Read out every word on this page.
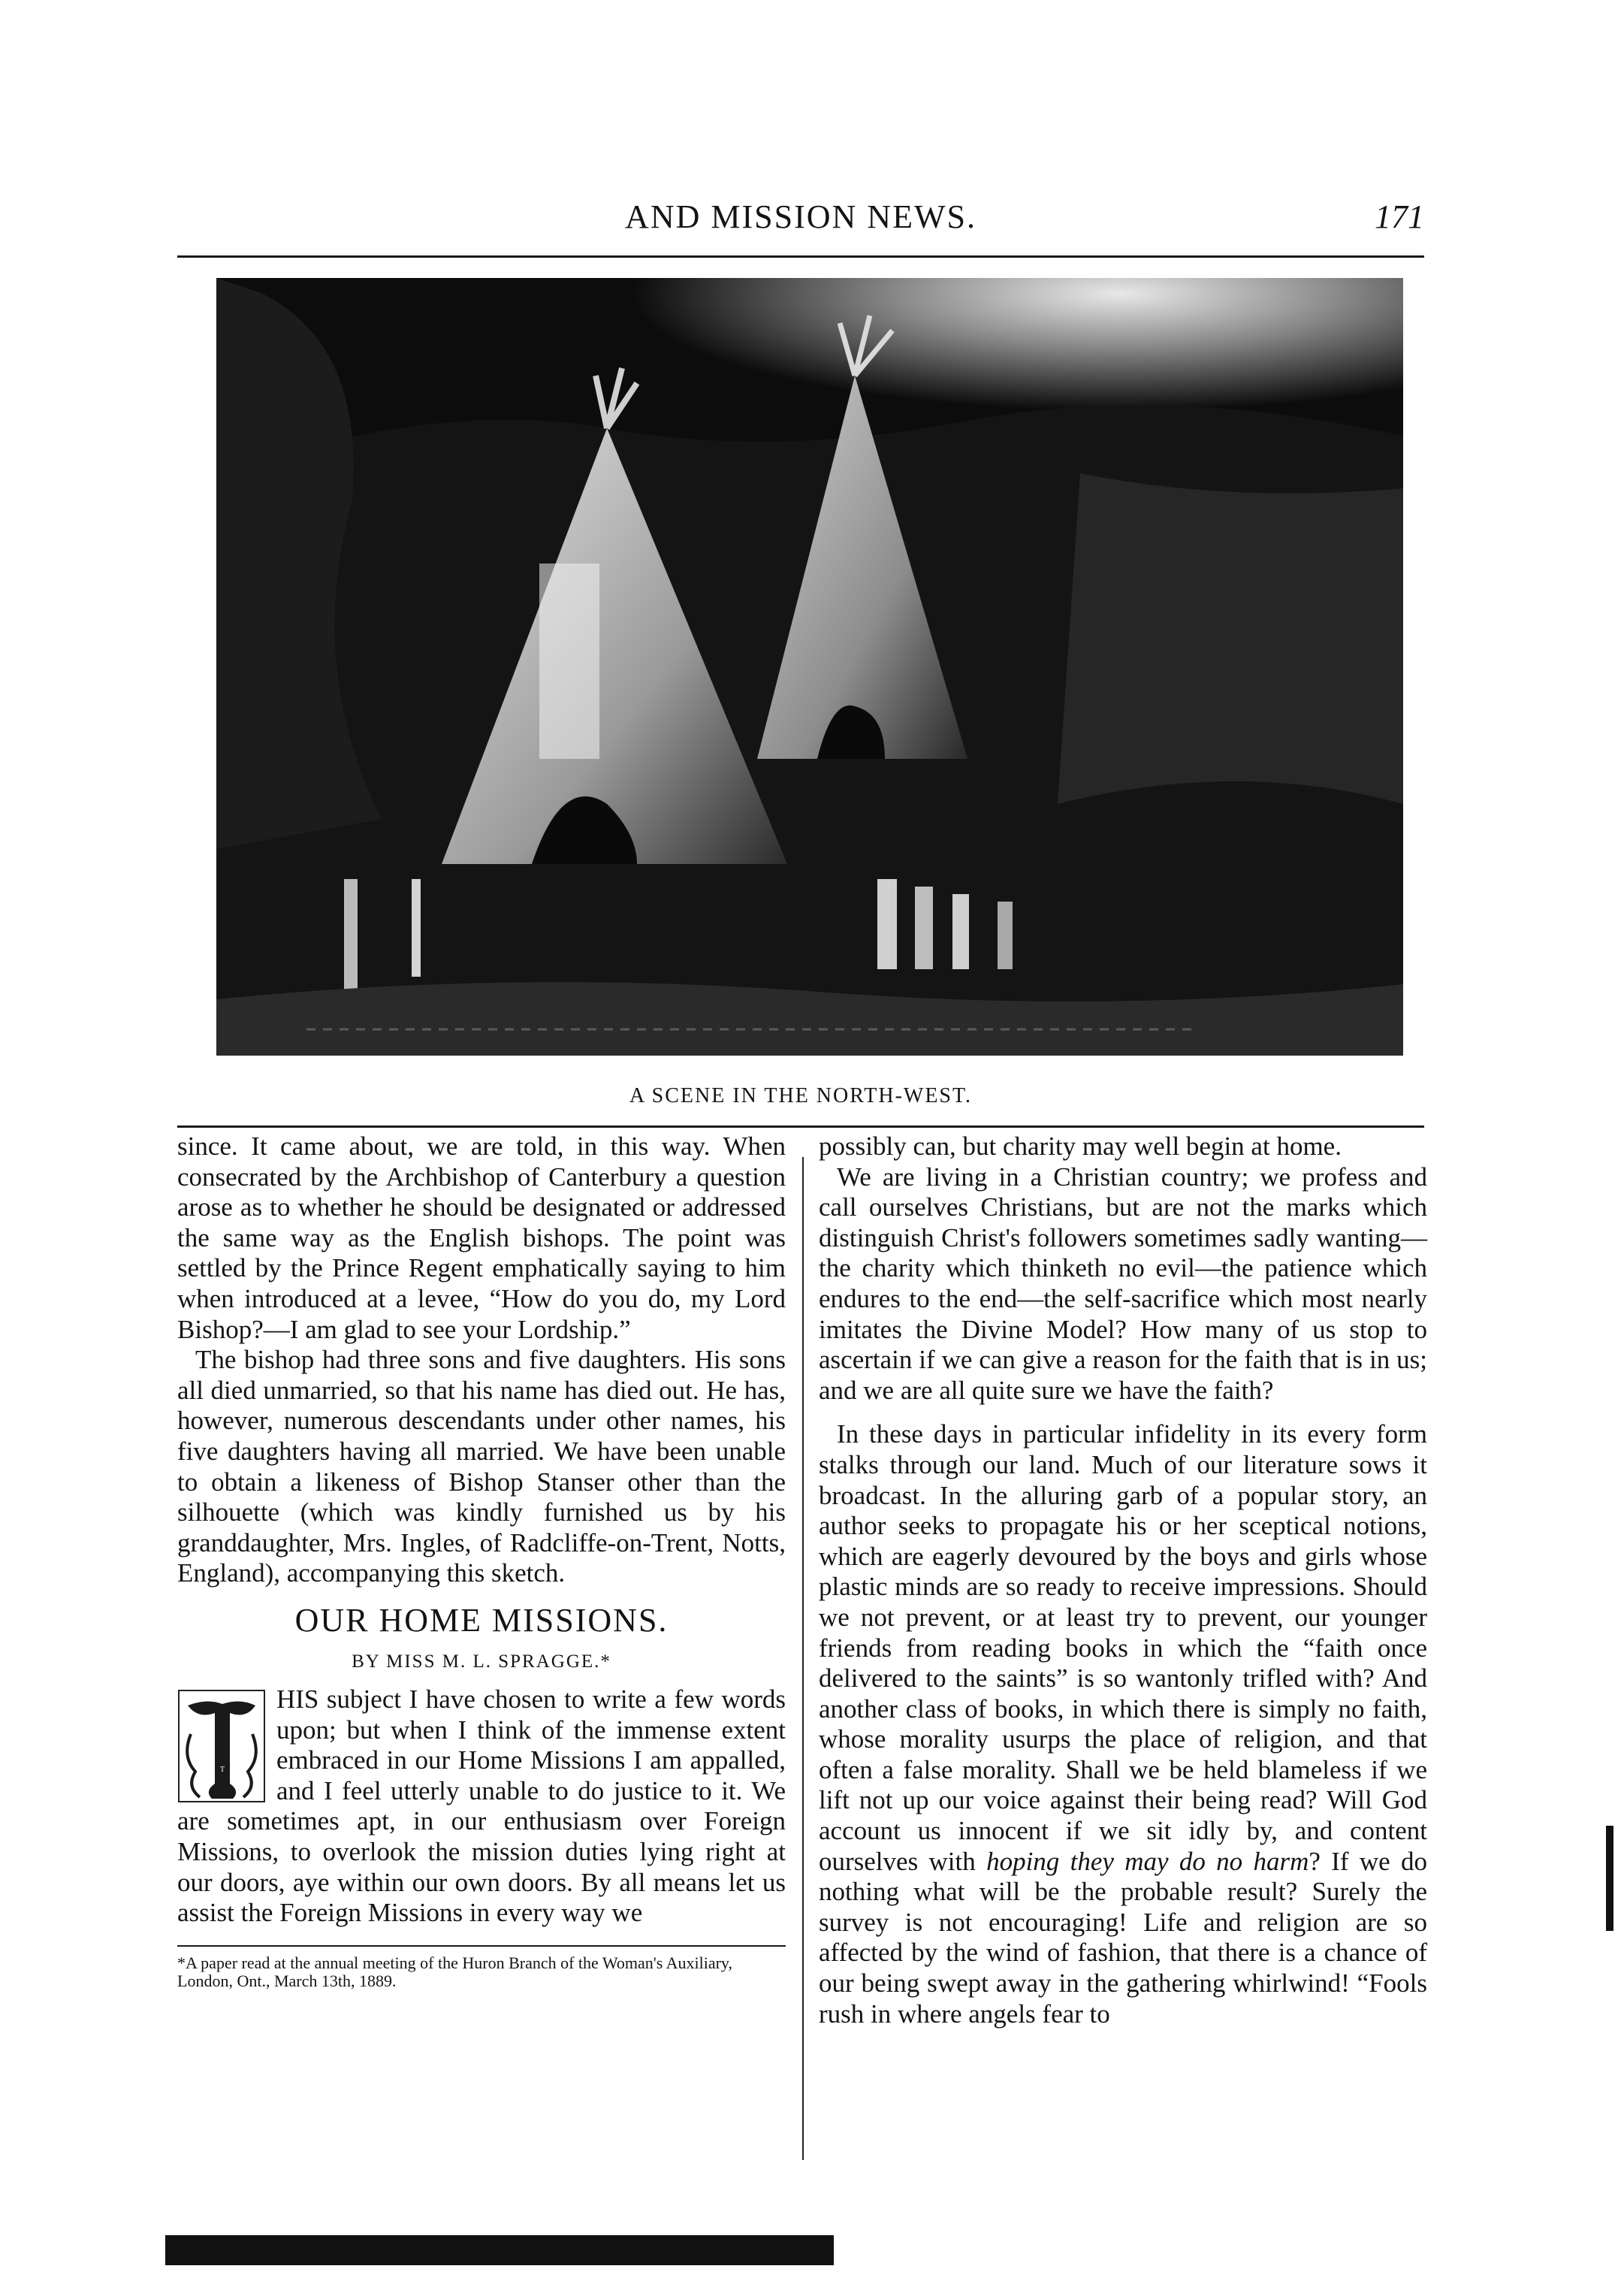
AND MISSION NEWS.	171
A SCENE IN THE NORTH-WEST.

since. It came about, we are told, in this way. When consecrated by the Archbishop of Canterbury a question arose as to whether he should be designated or addressed the same way as the English bishops. The point was settled by the Prince Regent emphatically saying to him when introduced at a levee, “How do you do, my Lord Bishop?—I am glad to see your Lordship.”

The bishop had three sons and five daughters. His sons all died unmarried, so that his name has died out. He has, however, numerous descendants under other names, his five daughters having all married. We have been unable to obtain a likeness of Bishop Stanser other than the silhouette (which was kindly furnished us by his granddaughter, Mrs. Ingles, of Radcliffe-on-Trent, Notts, England), accompanying this sketch.

OUR HOME MISSIONS.
BY MISS M. L. SPRAGGE.*

T
HIS subject I have chosen to write a few words upon; but when I think of the immense extent embraced in our Home Missions I am appalled, and I feel utterly unable to do justice to it. We are sometimes apt, in our enthusiasm over Foreign Missions, to overlook the mission duties lying right at our doors, aye within our own doors. By all means let us assist the Foreign Missions in every way we

*A paper read at the annual meeting of the Huron Branch of the Woman's Auxiliary, London, Ont., March 13th, 1889.

possibly can, but charity may well begin at home.

We are living in a Christian country; we profess and call ourselves Christians, but are not the marks which distinguish Christ's followers sometimes sadly wanting—the charity which thinketh no evil—the patience which endures to the end—the self-sacrifice which most nearly imitates the Divine Model? How many of us stop to ascertain if we can give a reason for the faith that is in us; and we are all quite sure we have the faith?

In these days in particular infidelity in its every form stalks through our land. Much of our literature sows it broadcast. In the alluring garb of a popular story, an author seeks to propagate his or her sceptical notions, which are eagerly devoured by the boys and girls whose plastic minds are so ready to receive impressions. Should we not prevent, or at least try to prevent, our younger friends from reading books in which the “faith once delivered to the saints” is so wantonly trifled with? And another class of books, in which there is simply no faith, whose morality usurps the place of religion, and that often a false morality. Shall we be held blameless if we lift not up our voice against their being read? Will God account us innocent if we sit idly by, and content ourselves with hoping they may do no harm? If we do nothing what will be the probable result? Surely the survey is not encouraging! Life and religion are so affected by the wind of fashion, that there is a chance of our being swept away in the gathering whirlwind! “Fools rush in where angels fear to
